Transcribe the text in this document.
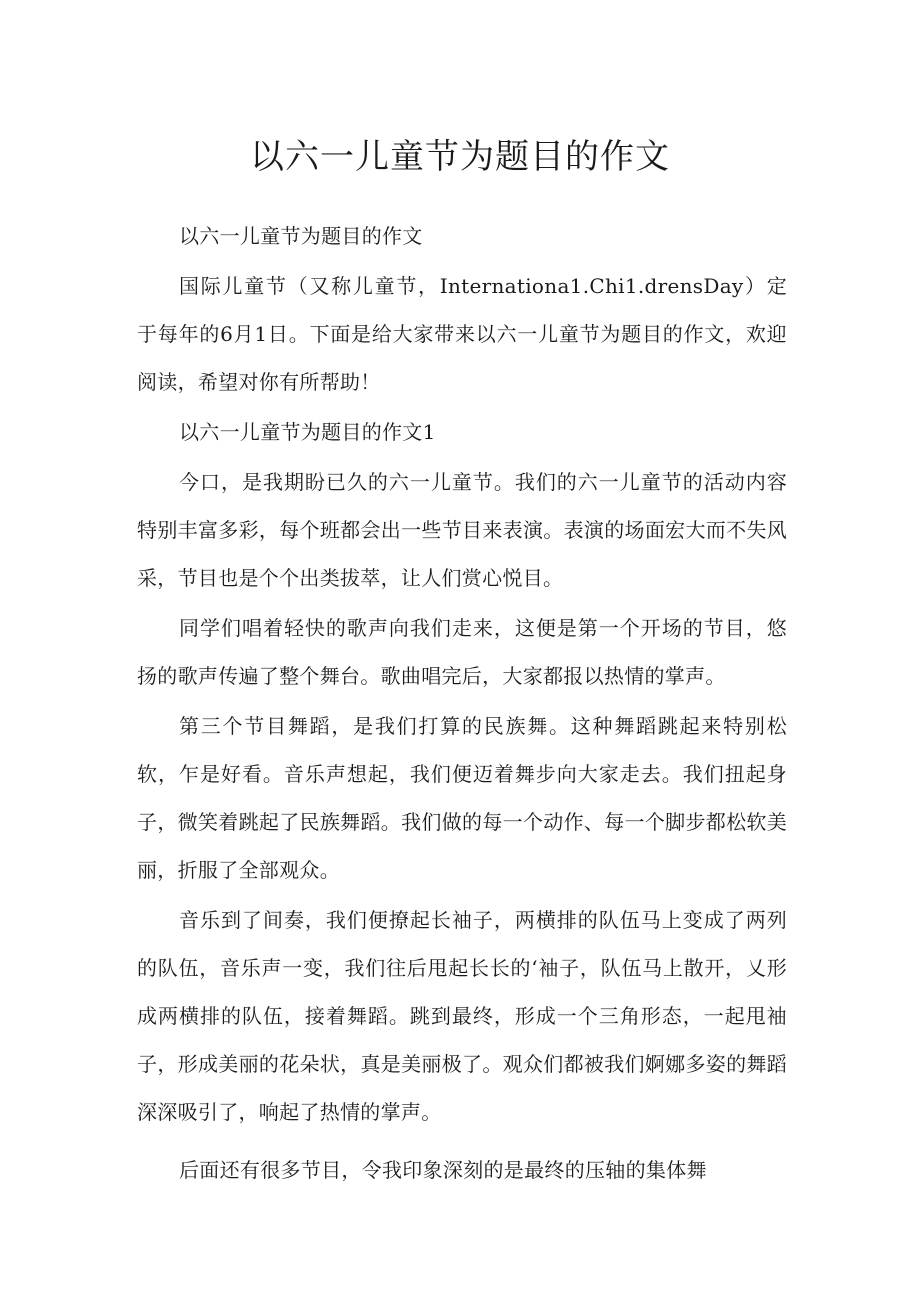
以六一儿童节为题目的作文

以六一儿童节为题目的作文

国际儿童节（又称儿童节，Internationa1.Chi1.drensDay）定于每年的6月1日。下面是给大家带来以六一儿童节为题目的作文，欢迎阅读，希望对你有所帮助！

以六一儿童节为题目的作文1

今口，是我期盼已久的六一儿童节。我们的六一儿童节的活动内容特别丰富多彩，每个班都会出一些节目来表演。表演的场面宏大而不失风采，节目也是个个出类拔萃，让人们赏心悦目。

同学们唱着轻快的歌声向我们走来，这便是第一个开场的节目，悠扬的歌声传遍了整个舞台。歌曲唱完后，大家都报以热情的掌声。

第三个节目舞蹈，是我们打算的民族舞。这种舞蹈跳起来特别松软，乍是好看。音乐声想起，我们便迈着舞步向大家走去。我们扭起身子，微笑着跳起了民族舞蹈。我们做的每一个动作、每一个脚步都松软美丽，折服了全部观众。

音乐到了间奏，我们便撩起长袖子，两横排的队伍马上变成了两列的队伍，音乐声一变，我们往后甩起长长的‘袖子，队伍马上散开，乂形成两横排的队伍，接着舞蹈。跳到最终，形成一个三角形态，一起甩袖子，形成美丽的花朵状，真是美丽极了。观众们都被我们婀娜多姿的舞蹈深深吸引了，响起了热情的掌声。

后面还有很多节目，令我印象深刻的是最终的压轴的集体舞
